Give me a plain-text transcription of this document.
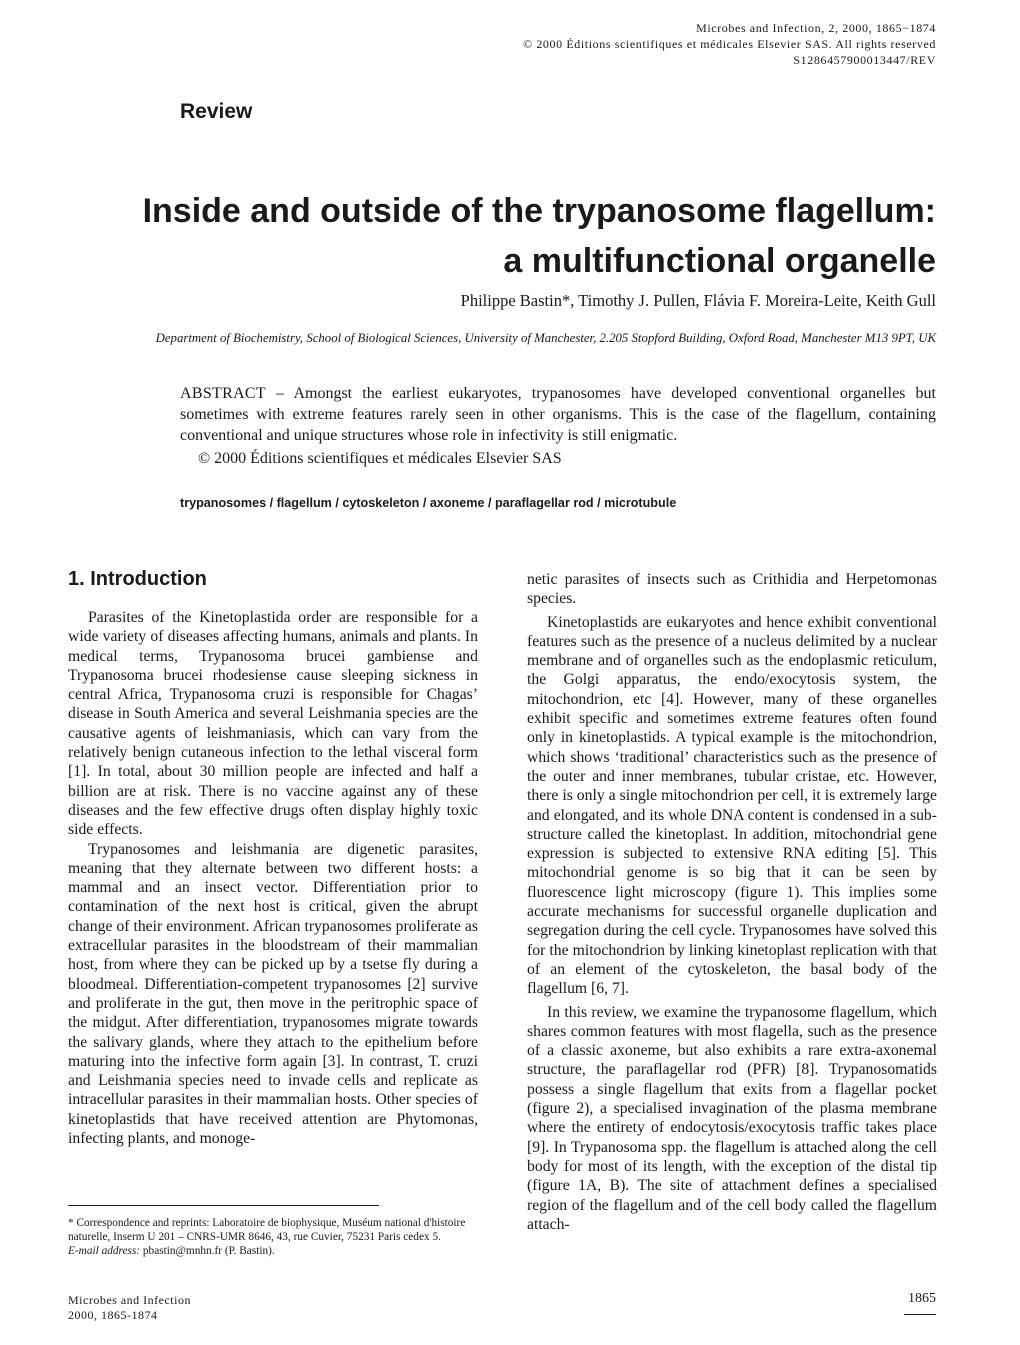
Microbes and Infection, 2, 2000, 1865−1874
© 2000 Éditions scientifiques et médicales Elsevier SAS. All rights reserved
S1286457900013447/REV
Review
Inside and outside of the trypanosome flagellum:
a multifunctional organelle
Philippe Bastin*, Timothy J. Pullen, Flávia F. Moreira-Leite, Keith Gull
Department of Biochemistry, School of Biological Sciences, University of Manchester, 2.205 Stopford Building, Oxford Road, Manchester M13 9PT, UK
ABSTRACT – Amongst the earliest eukaryotes, trypanosomes have developed conventional organelles but sometimes with extreme features rarely seen in other organisms. This is the case of the flagellum, containing conventional and unique structures whose role in infectivity is still enigmatic.
© 2000 Éditions scientifiques et médicales Elsevier SAS
trypanosomes / flagellum / cytoskeleton / axoneme / paraflagellar rod / microtubule
1. Introduction

Parasites of the Kinetoplastida order are responsible for a wide variety of diseases affecting humans, animals and plants. In medical terms, Trypanosoma brucei gambiense and Trypanosoma brucei rhodesiense cause sleeping sickness in central Africa, Trypanosoma cruzi is responsible for Chagas’ disease in South America and several Leishmania species are the causative agents of leishmaniasis, which can vary from the relatively benign cutaneous infection to the lethal visceral form [1]. In total, about 30 million people are infected and half a billion are at risk. There is no vaccine against any of these diseases and the few effective drugs often display highly toxic side effects.

Trypanosomes and leishmania are digenetic parasites, meaning that they alternate between two different hosts: a mammal and an insect vector. Differentiation prior to contamination of the next host is critical, given the abrupt change of their environment. African trypanosomes proliferate as extracellular parasites in the bloodstream of their mammalian host, from where they can be picked up by a tsetse fly during a bloodmeal. Differentiation-competent trypanosomes [2] survive and proliferate in the gut, then move in the peritrophic space of the midgut. After differentiation, trypanosomes migrate towards the salivary glands, where they attach to the epithelium before maturing into the infective form again [3]. In contrast, T. cruzi and Leishmania species need to invade cells and replicate as intracellular parasites in their mammalian hosts. Other species of kinetoplastids that have received attention are Phytomonas, infecting plants, and monoge-

netic parasites of insects such as Crithidia and Herpetomonas species.

Kinetoplastids are eukaryotes and hence exhibit conventional features such as the presence of a nucleus delimited by a nuclear membrane and of organelles such as the endoplasmic reticulum, the Golgi apparatus, the endo/exocytosis system, the mitochondrion, etc [4]. However, many of these organelles exhibit specific and sometimes extreme features often found only in kinetoplastids. A typical example is the mitochondrion, which shows ‘traditional’ characteristics such as the presence of the outer and inner membranes, tubular cristae, etc. However, there is only a single mitochondrion per cell, it is extremely large and elongated, and its whole DNA content is condensed in a sub-structure called the kinetoplast. In addition, mitochondrial gene expression is subjected to extensive RNA editing [5]. This mitochondrial genome is so big that it can be seen by fluorescence light microscopy (figure 1). This implies some accurate mechanisms for successful organelle duplication and segregation during the cell cycle. Trypanosomes have solved this for the mitochondrion by linking kinetoplast replication with that of an element of the cytoskeleton, the basal body of the flagellum [6, 7].

In this review, we examine the trypanosome flagellum, which shares common features with most flagella, such as the presence of a classic axoneme, but also exhibits a rare extra-axonemal structure, the paraflagellar rod (PFR) [8]. Trypanosomatids possess a single flagellum that exits from a flagellar pocket (figure 2), a specialised invagination of the plasma membrane where the entirety of endocytosis/exocytosis traffic takes place [9]. In Trypanosoma spp. the flagellum is attached along the cell body for most of its length, with the exception of the distal tip (figure 1A, B). The site of attachment defines a specialised region of the flagellum and of the cell body called the flagellum attach-

* Correspondence and reprints: Laboratoire de biophysique, Muséum national d'histoire naturelle, Inserm U 201 – CNRS-UMR 8646, 43, rue Cuvier, 75231 Paris cedex 5.
E-mail address: pbastin@mnhn.fr (P. Bastin).
Microbes and Infection
2000, 1865-1874
1865
